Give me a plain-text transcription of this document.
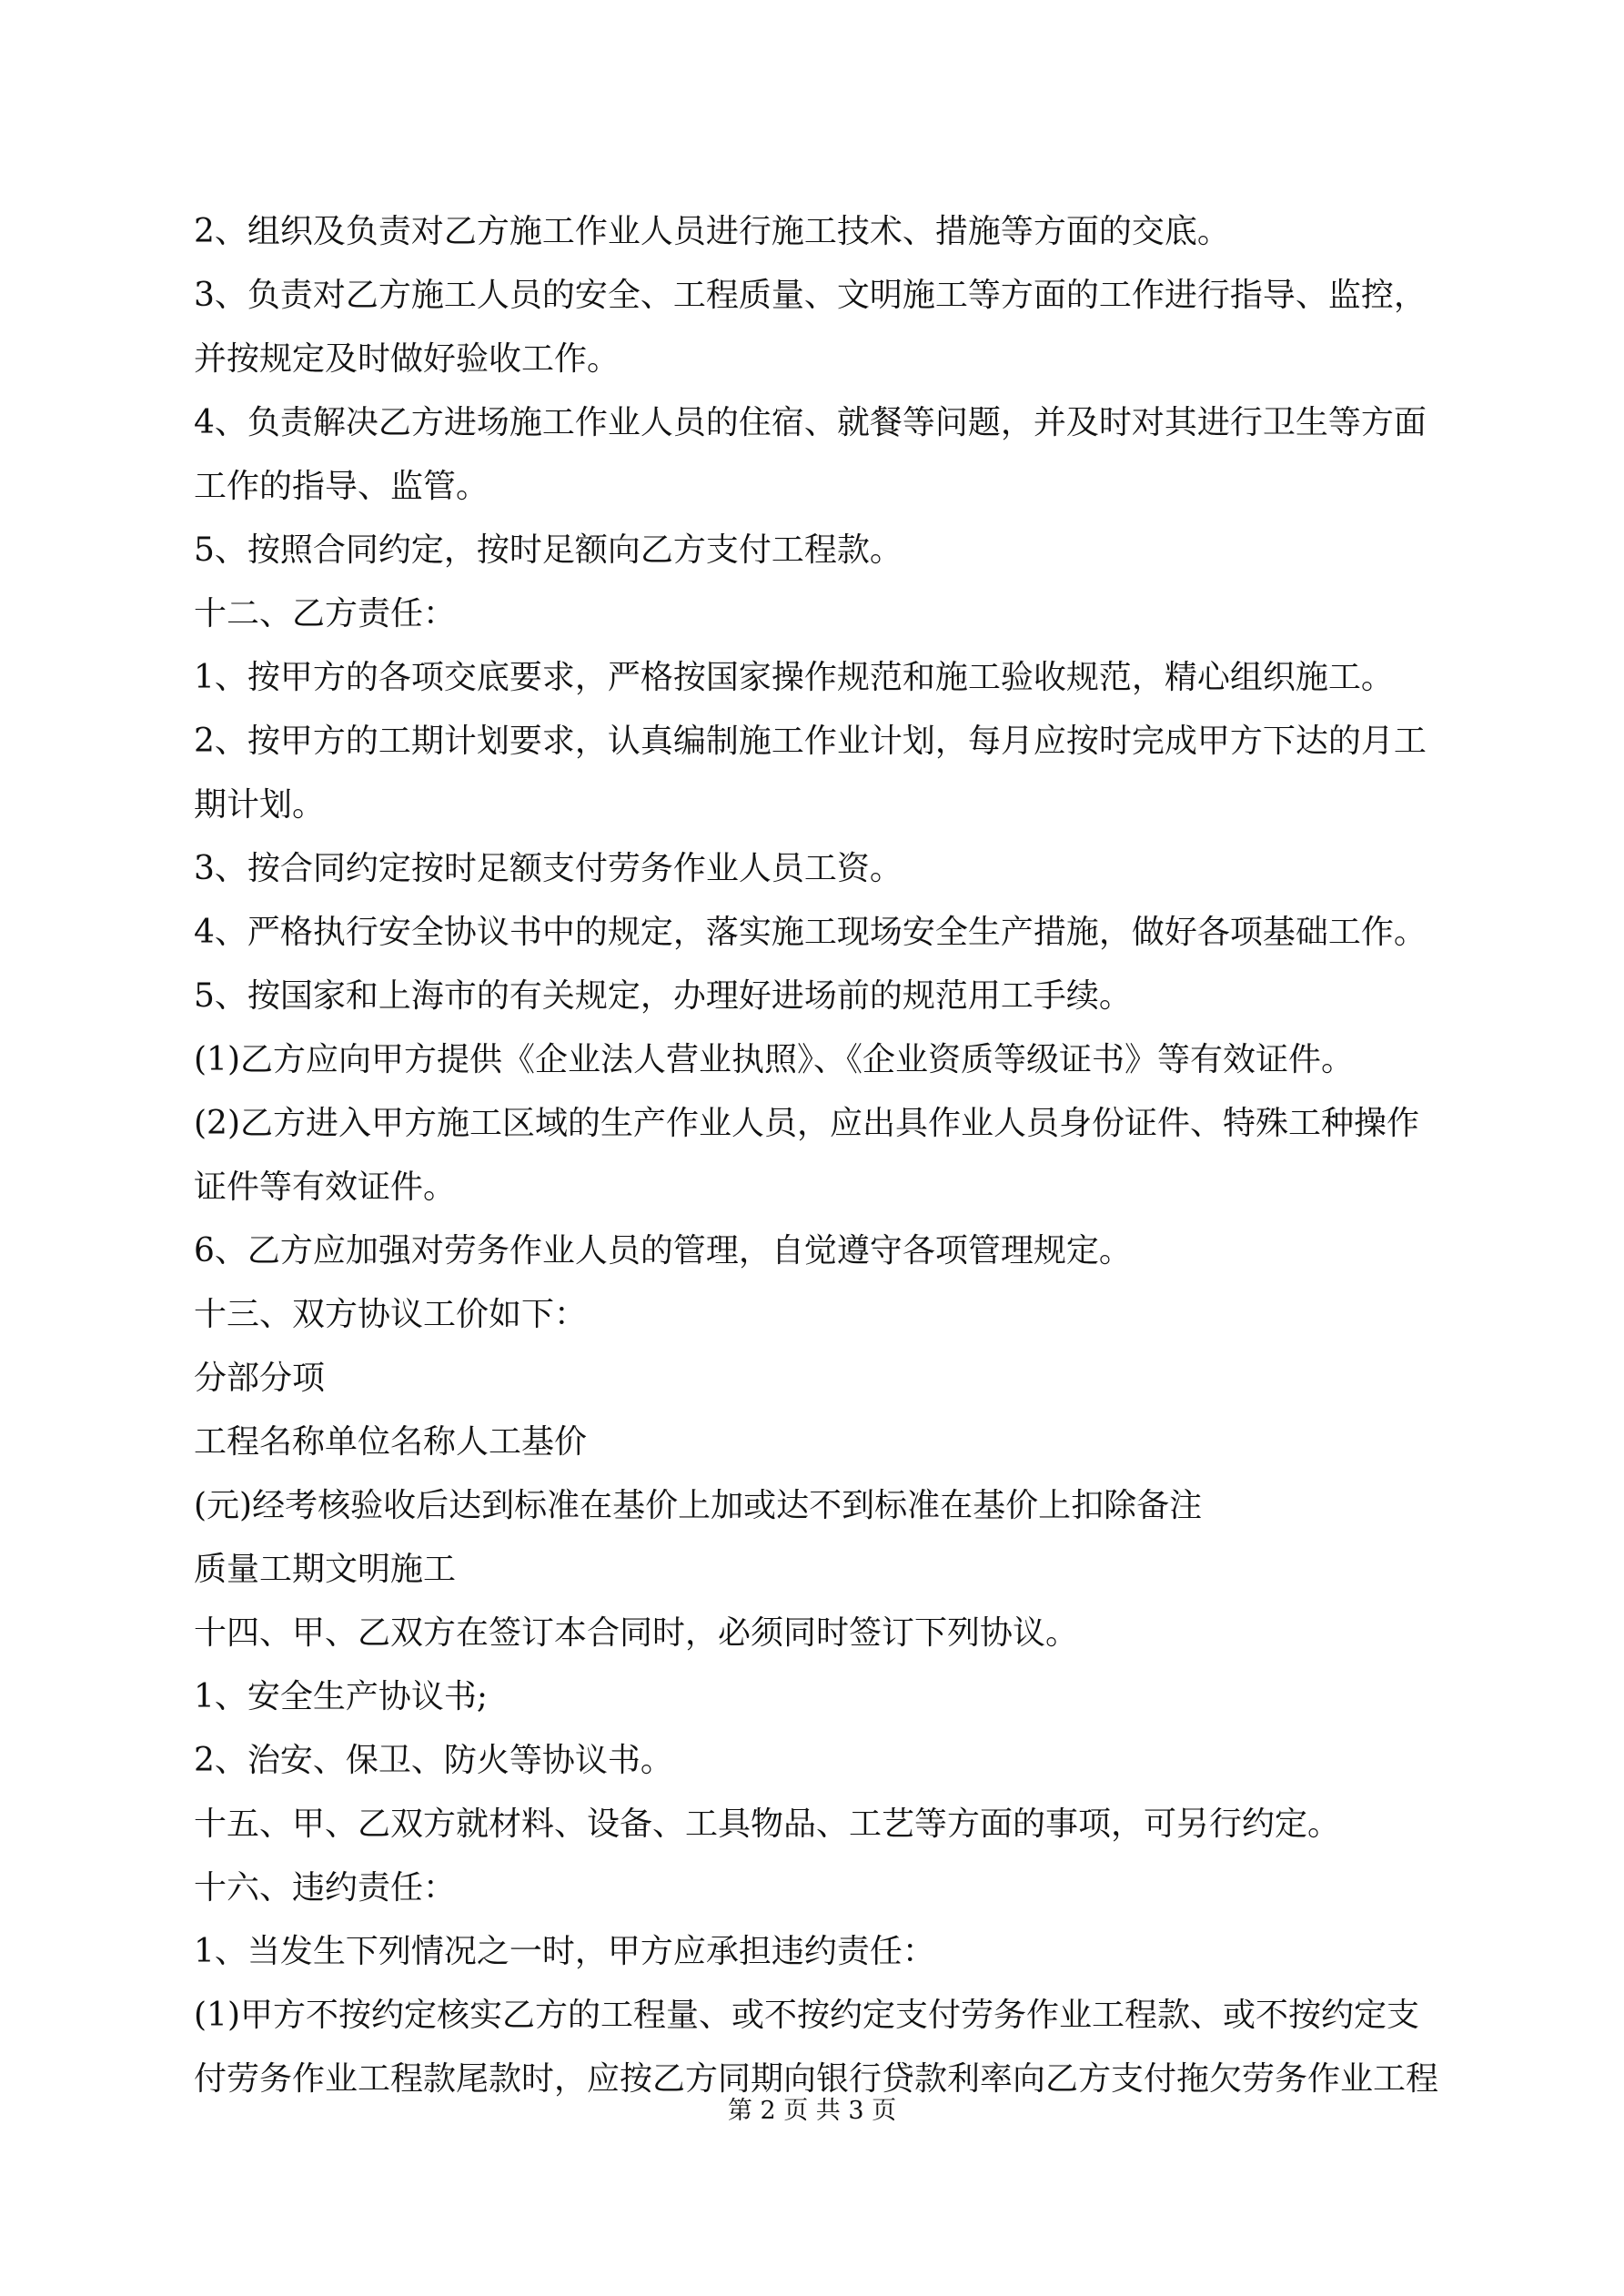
2、组织及负责对乙方施工作业人员进行施工技术、措施等方面的交底。
3、负责对乙方施工人员的安全、工程质量、文明施工等方面的工作进行指导、监控，
并按规定及时做好验收工作。
4、负责解决乙方进场施工作业人员的住宿、就餐等问题，并及时对其进行卫生等方面
工作的指导、监管。
5、按照合同约定，按时足额向乙方支付工程款。
十二、乙方责任：
1、按甲方的各项交底要求，严格按国家操作规范和施工验收规范，精心组织施工。
2、按甲方的工期计划要求，认真编制施工作业计划，每月应按时完成甲方下达的月工
期计划。
3、按合同约定按时足额支付劳务作业人员工资。
4、严格执行安全协议书中的规定，落实施工现场安全生产措施，做好各项基础工作。
5、按国家和上海市的有关规定，办理好进场前的规范用工手续。
(1)乙方应向甲方提供《企业法人营业执照》、《企业资质等级证书》等有效证件。
(2)乙方进入甲方施工区域的生产作业人员，应出具作业人员身份证件、特殊工种操作
证件等有效证件。
6、乙方应加强对劳务作业人员的管理，自觉遵守各项管理规定。
十三、双方协议工价如下：
分部分项
工程名称单位名称人工基价
(元)经考核验收后达到标准在基价上加或达不到标准在基价上扣除备注
质量工期文明施工
十四、甲、乙双方在签订本合同时，必须同时签订下列协议。
1、安全生产协议书;
2、治安、保卫、防火等协议书。
十五、甲、乙双方就材料、设备、工具物品、工艺等方面的事项，可另行约定。
十六、违约责任：
1、当发生下列情况之一时，甲方应承担违约责任：
(1)甲方不按约定核实乙方的工程量、或不按约定支付劳务作业工程款、或不按约定支
付劳务作业工程款尾款时，应按乙方同期向银行贷款利率向乙方支付拖欠劳务作业工程
第 2 页 共 3 页
